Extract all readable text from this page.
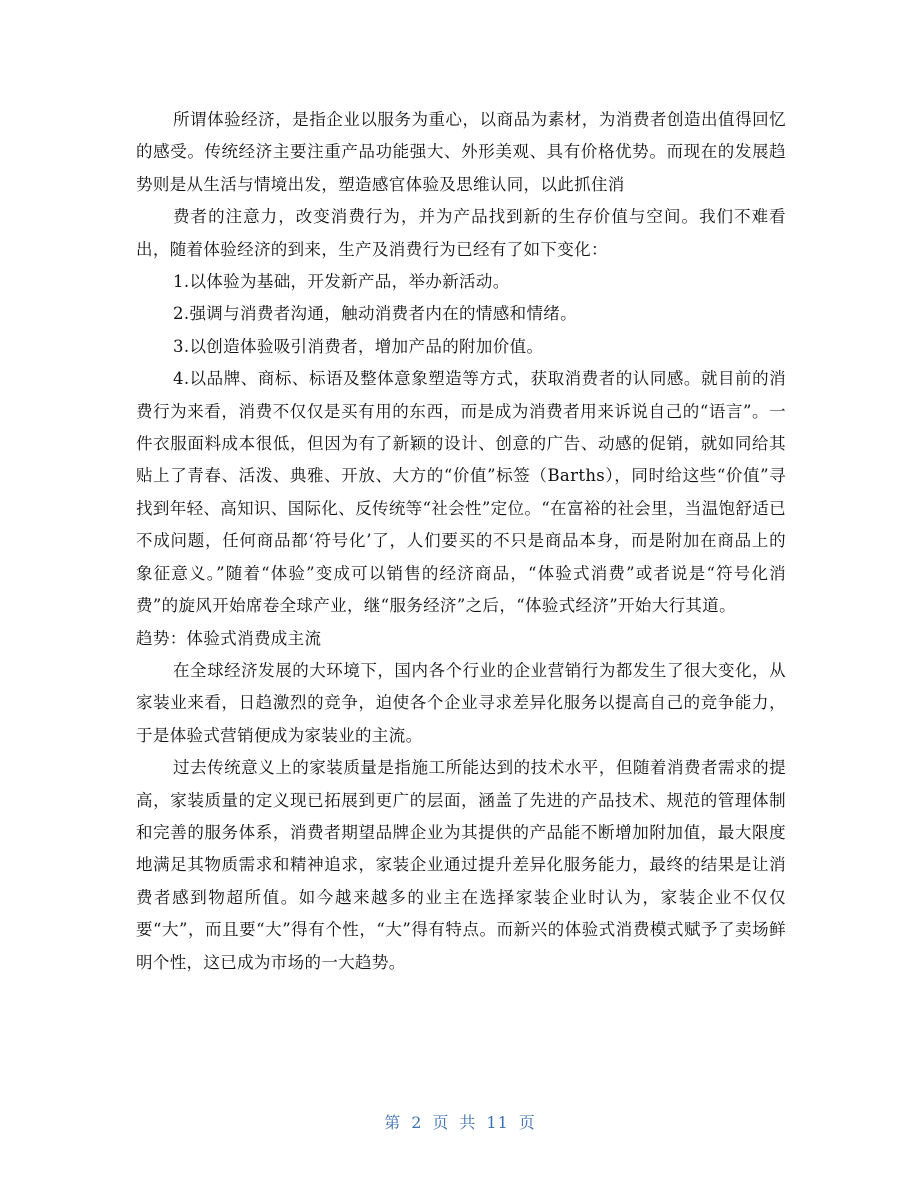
所谓体验经济，是指企业以服务为重心，以商品为素材，为消费者创造出值得回忆的感受。传统经济主要注重产品功能强大、外形美观、具有价格优势。而现在的发展趋势则是从生活与情境出发，塑造感官体验及思维认同，以此抓住消

费者的注意力，改变消费行为，并为产品找到新的生存价值与空间。我们不难看出，随着体验经济的到来，生产及消费行为已经有了如下变化：

1.以体验为基础，开发新产品，举办新活动。

2.强调与消费者沟通，触动消费者内在的情感和情绪。

3.以创造体验吸引消费者，增加产品的附加价值。

4.以品牌、商标、标语及整体意象塑造等方式，获取消费者的认同感。就目前的消费行为来看，消费不仅仅是买有用的东西，而是成为消费者用来诉说自己的“语言”。一件衣服面料成本很低，但因为有了新颖的设计、创意的广告、动感的促销，就如同给其贴上了青春、活泼、典雅、开放、大方的“价值”标签（Barths），同时给这些“价值”寻找到年轻、高知识、国际化、反传统等“社会性”定位。“在富裕的社会里，当温饱舒适已不成问题，任何商品都‘符号化’了，人们要买的不只是商品本身，而是附加在商品上的象征意义。”随着“体验”变成可以销售的经济商品，“体验式消费”或者说是“符号化消费”的旋风开始席卷全球产业，继“服务经济”之后，“体验式经济”开始大行其道。

趋势：体验式消费成主流

在全球经济发展的大环境下，国内各个行业的企业营销行为都发生了很大变化，从家装业来看，日趋激烈的竞争，迫使各个企业寻求差异化服务以提高自己的竞争能力，于是体验式营销便成为家装业的主流。

过去传统意义上的家装质量是指施工所能达到的技术水平，但随着消费者需求的提高，家装质量的定义现已拓展到更广的层面，涵盖了先进的产品技术、规范的管理体制和完善的服务体系，消费者期望品牌企业为其提供的产品能不断增加附加值，最大限度地满足其物质需求和精神追求，家装企业通过提升差异化服务能力，最终的结果是让消费者感到物超所值。如今越来越多的业主在选择家装企业时认为，家装企业不仅仅要“大”，而且要“大”得有个性，“大”得有特点。而新兴的体验式消费模式赋予了卖场鲜明个性，这已成为市场的一大趋势。

第 2 页 共 11 页
